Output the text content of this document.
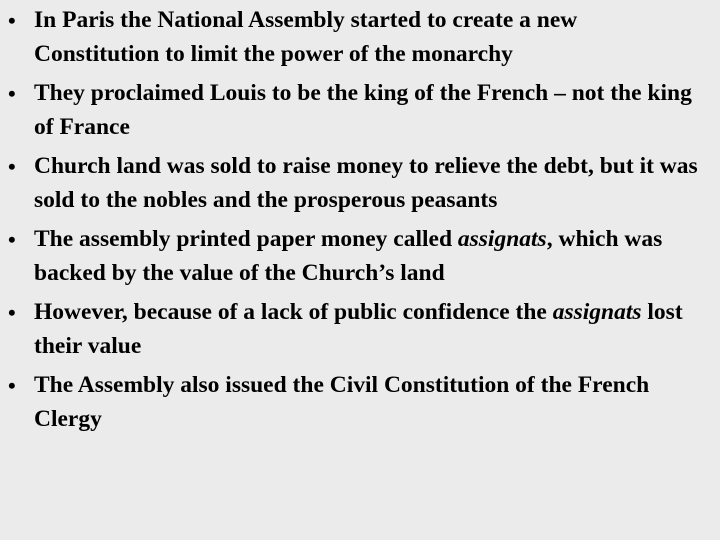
• In Paris the National Assembly started to create a new Constitution to limit the power of the monarchy
• They proclaimed Louis to be the king of the French – not the king of France
• Church land was sold to raise money to relieve the debt, but it was sold to the nobles and the prosperous peasants
• The assembly printed paper money called assignats, which was backed by the value of the Church’s land
• However, because of a lack of public confidence the assignats lost their value
• The Assembly also issued the Civil Constitution of the French Clergy
